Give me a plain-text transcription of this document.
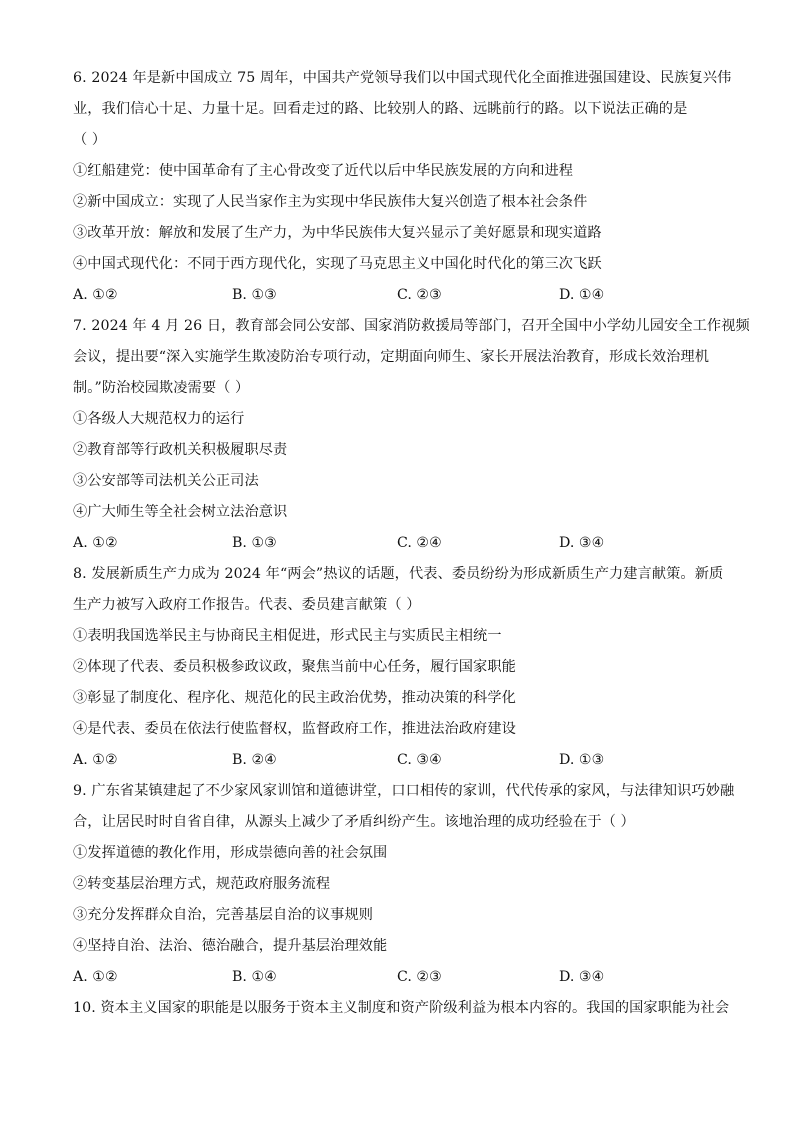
6. 2024 年是新中国成立 75 周年，中国共产党领导我们以中国式现代化全面推进强国建设、民族复兴伟
业，我们信心十足、力量十足。回看走过的路、比较别人的路、远眺前行的路。以下说法正确的是
（ ）
①红船建党：使中国革命有了主心骨改变了近代以后中华民族发展的方向和进程
②新中国成立：实现了人民当家作主为实现中华民族伟大复兴创造了根本社会条件
③改革开放：解放和发展了生产力，为中华民族伟大复兴显示了美好愿景和现实道路
④中国式现代化：不同于西方现代化，实现了马克思主义中国化时代化的第三次飞跃
A. ①②	B. ①③	C. ②③	D. ①④
7. 2024 年 4 月 26 日，教育部会同公安部、国家消防救援局等部门，召开全国中小学幼儿园安全工作视频
会议，提出要“深入实施学生欺凌防治专项行动，定期面向师生、家长开展法治教育，形成长效治理机
制。”防治校园欺凌需要（ ）
①各级人大规范权力的运行
②教育部等行政机关积极履职尽责
③公安部等司法机关公正司法
④广大师生等全社会树立法治意识
A. ①②	B. ①③	C. ②④	D. ③④
8. 发展新质生产力成为 2024 年“两会”热议的话题，代表、委员纷纷为形成新质生产力建言献策。新质
生产力被写入政府工作报告。代表、委员建言献策（ ）
①表明我国选举民主与协商民主相促进，形式民主与实质民主相统一
②体现了代表、委员积极参政议政，聚焦当前中心任务，履行国家职能
③彰显了制度化、程序化、规范化的民主政治优势，推动决策的科学化
④是代表、委员在依法行使监督权，监督政府工作，推进法治政府建设
A. ①②	B. ②④	C. ③④	D. ①③
9. 广东省某镇建起了不少家风家训馆和道德讲堂，口口相传的家训，代代传承的家风，与法律知识巧妙融
合，让居民时时自省自律，从源头上减少了矛盾纠纷产生。该地治理的成功经验在于（ ）
①发挥道德的教化作用，形成崇德向善的社会氛围
②转变基层治理方式，规范政府服务流程
③充分发挥群众自治，完善基层自治的议事规则
④坚持自治、法治、德治融合，提升基层治理效能
A. ①②	B. ①④	C. ②③	D. ③④
10. 资本主义国家的职能是以服务于资本主义制度和资产阶级利益为根本内容的。我国的国家职能为社会
